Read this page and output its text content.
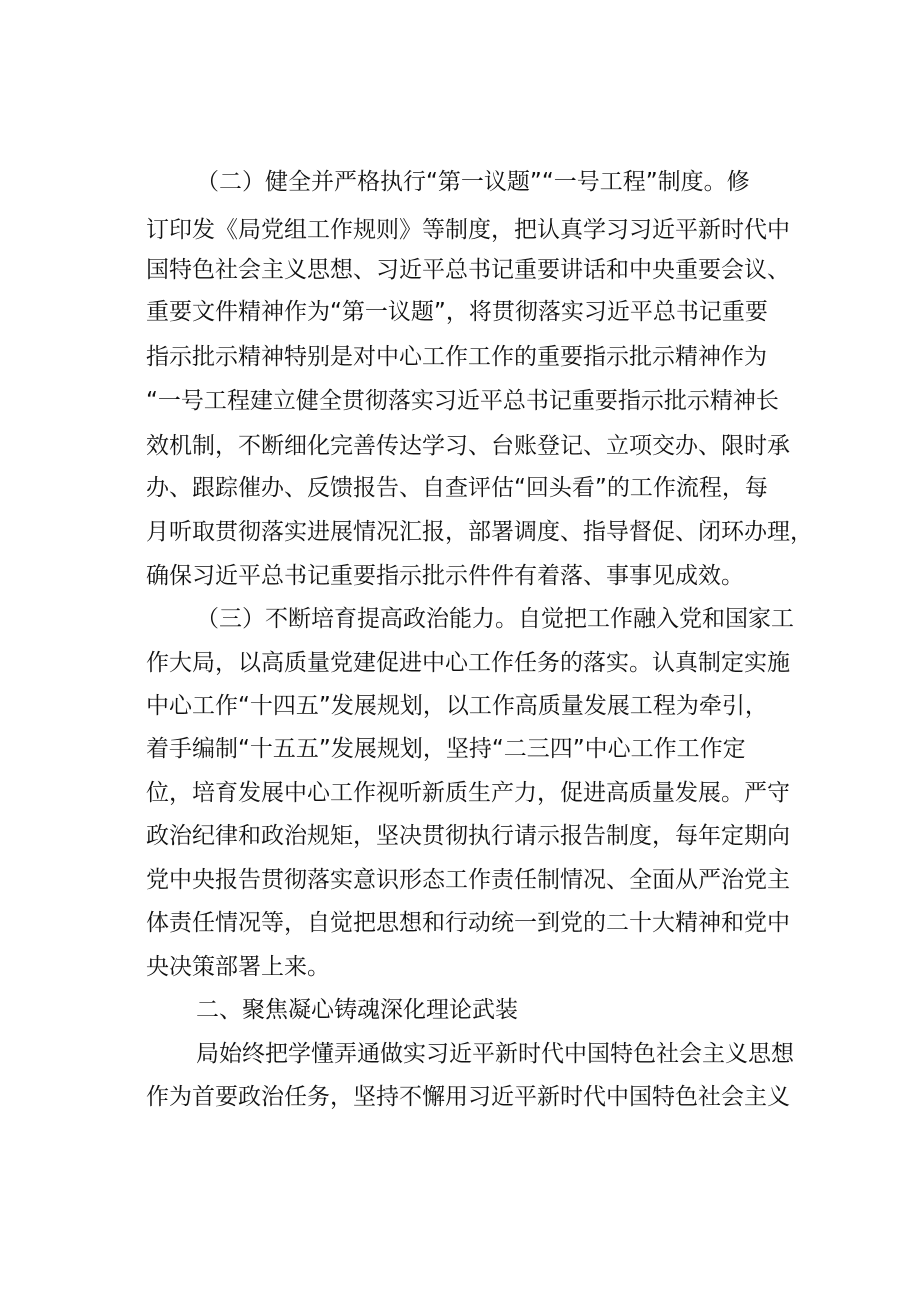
（二）健全并严格执行“第一议题”“一号工程”制度。修
订印发《局党组工作规则》等制度，把认真学习习近平新时代中
国特色社会主义思想、习近平总书记重要讲话和中央重要会议、
重要文件精神作为“第一议题”，将贯彻落实习近平总书记重要
指示批示精神特别是对中心工作工作的重要指示批示精神作为
“一号工程建立健全贯彻落实习近平总书记重要指示批示精神长
效机制，不断细化完善传达学习、台账登记、立项交办、限时承
办、跟踪催办、反馈报告、自查评估“回头看”的工作流程，每
月听取贯彻落实进展情况汇报，部署调度、指导督促、闭环办理，
确保习近平总书记重要指示批示件件有着落、事事见成效。
（三）不断培育提高政治能力。自觉把工作融入党和国家工
作大局，以高质量党建促进中心工作任务的落实。认真制定实施
中心工作“十四五”发展规划，以工作高质量发展工程为牵引，
着手编制“十五五”发展规划，坚持“二三四”中心工作工作定
位，培育发展中心工作视听新质生产力，促进高质量发展。严守
政治纪律和政治规矩，坚决贯彻执行请示报告制度，每年定期向
党中央报告贯彻落实意识形态工作责任制情况、全面从严治党主
体责任情况等，自觉把思想和行动统一到党的二十大精神和党中
央决策部署上来。
二、聚焦凝心铸魂深化理论武装
局始终把学懂弄通做实习近平新时代中国特色社会主义思想
作为首要政治任务，坚持不懈用习近平新时代中国特色社会主义
